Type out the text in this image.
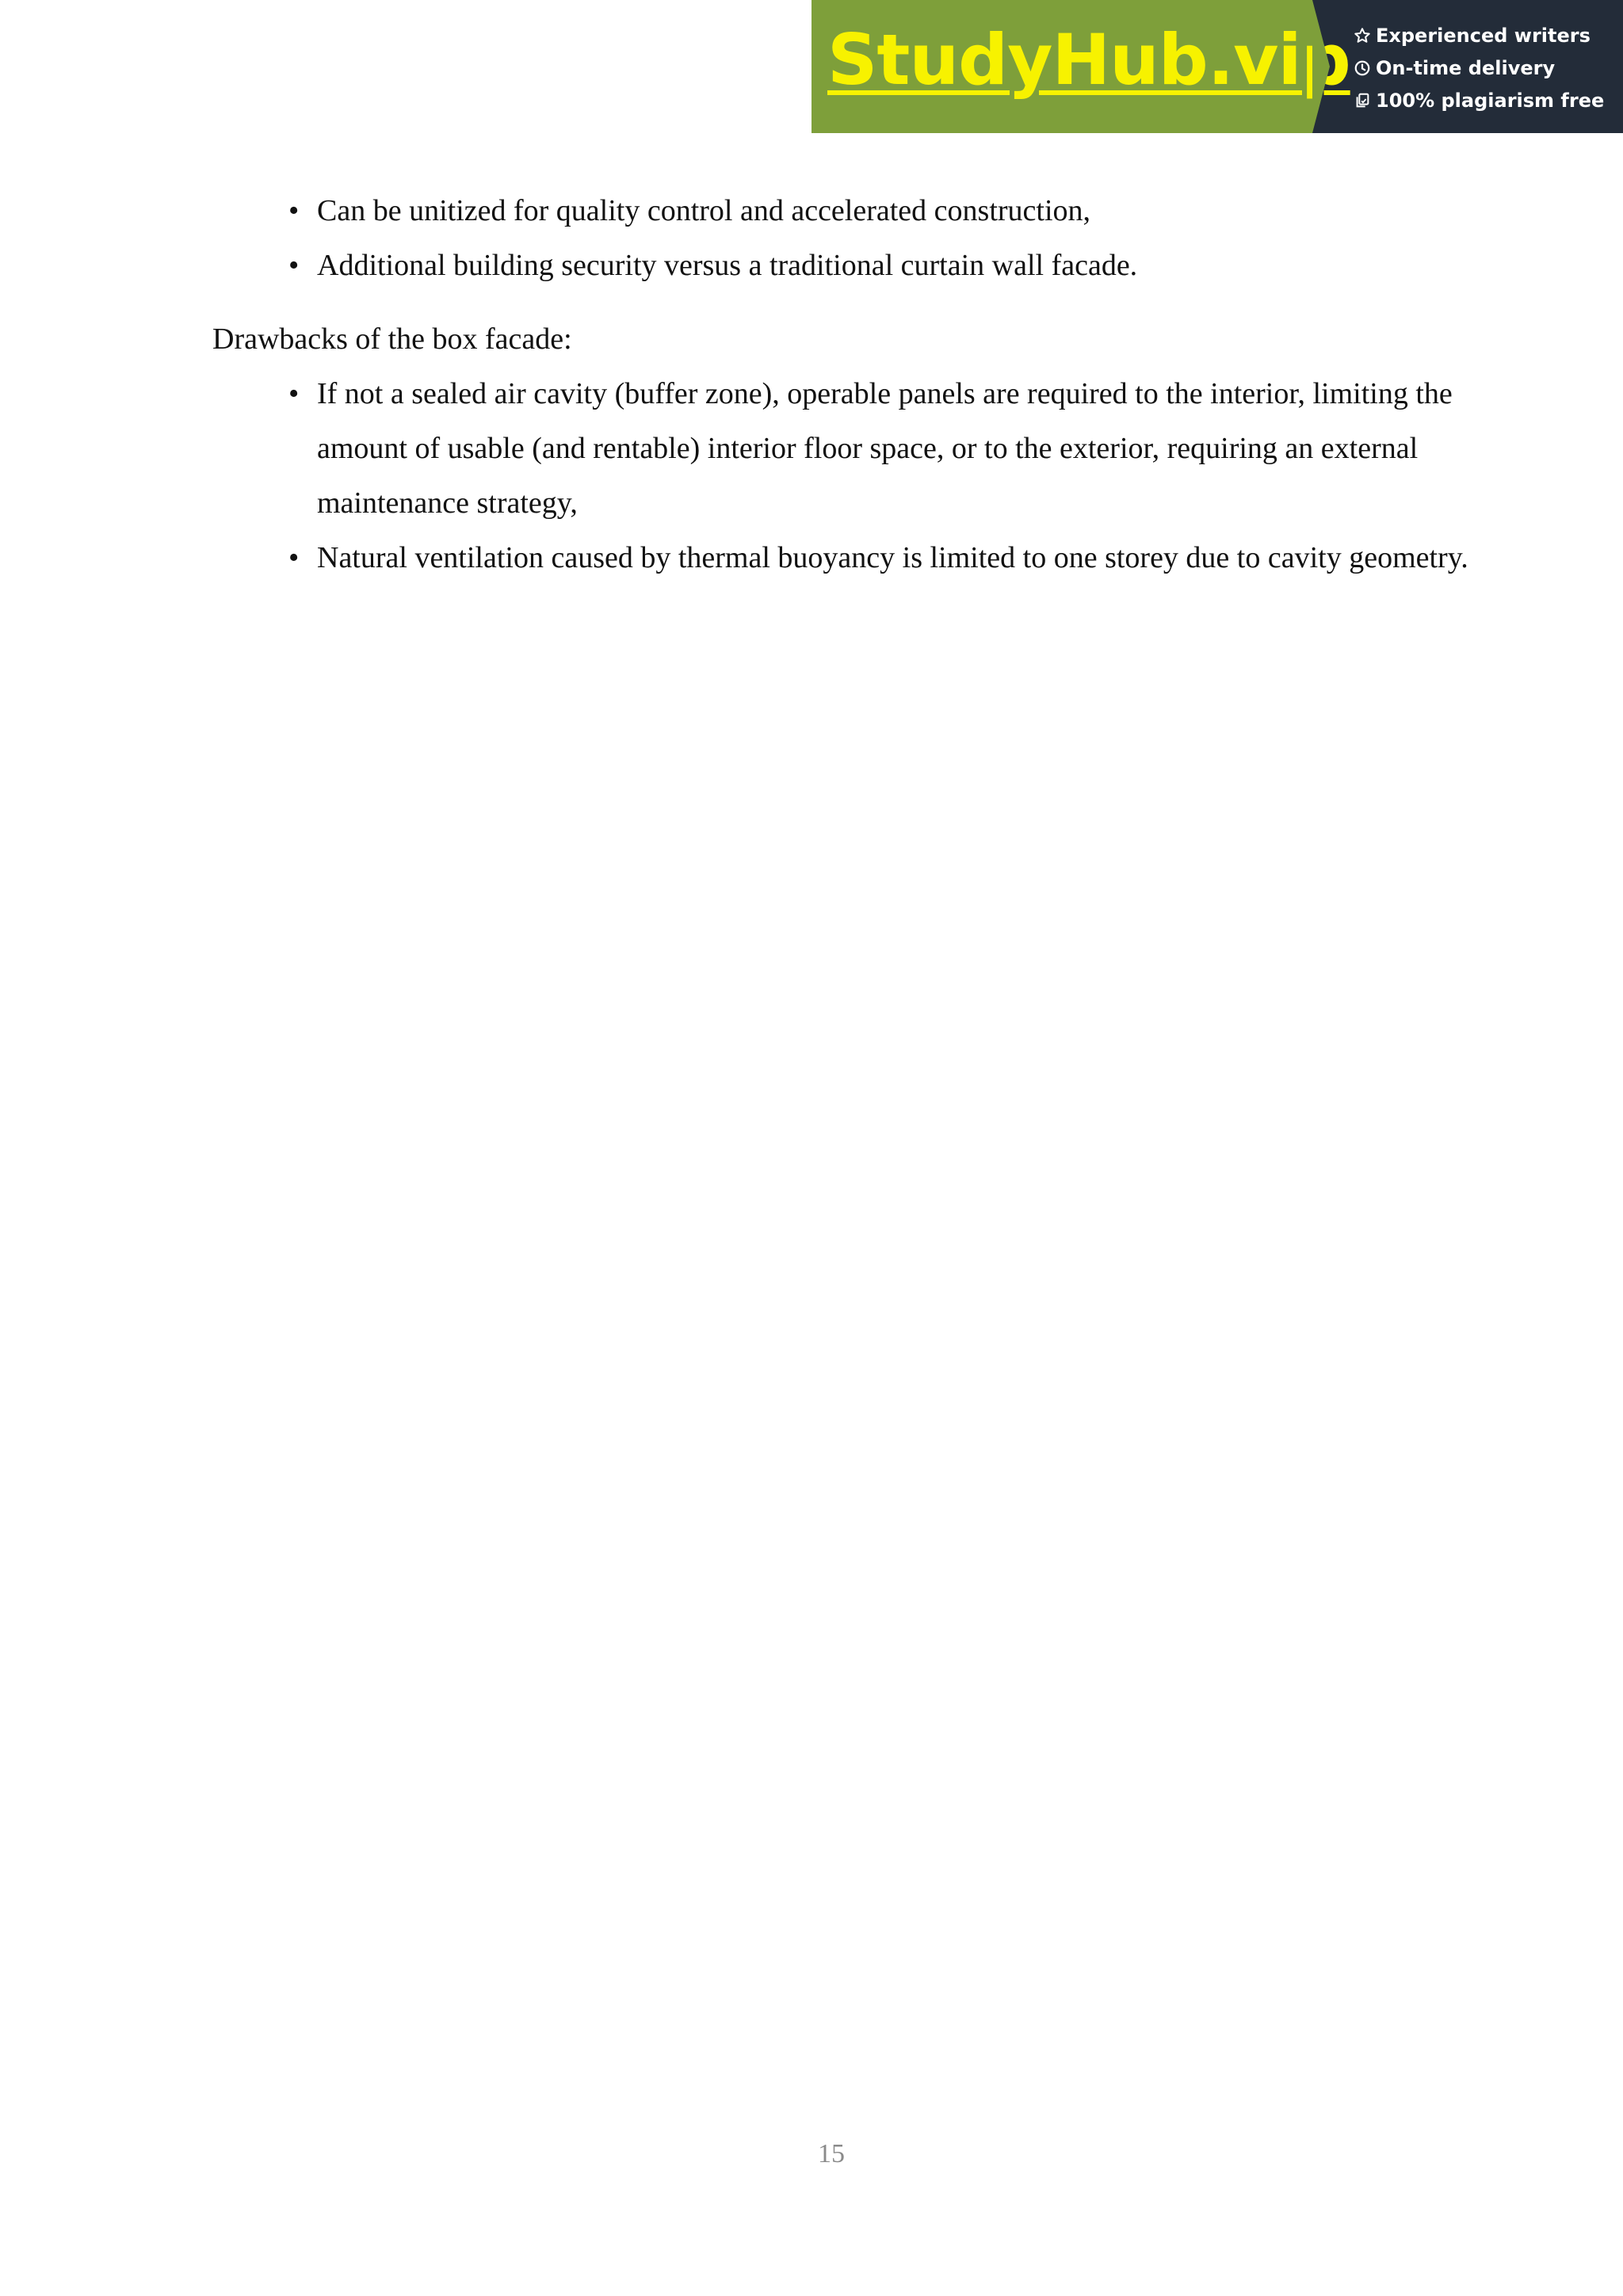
StudyHub.vip Experienced writers
On-time delivery
100% plagiarism free
• Can be unitized for quality control and accelerated construction,
• Additional building security versus a traditional curtain wall facade.
Drawbacks of the box facade:
• If not a sealed air cavity (buffer zone), operable panels are required to the interior, limiting the amount of usable (and rentable) interior floor space, or to the exterior, requiring an external maintenance strategy,
• Natural ventilation caused by thermal buoyancy is limited to one storey due to cavity geometry.
15
